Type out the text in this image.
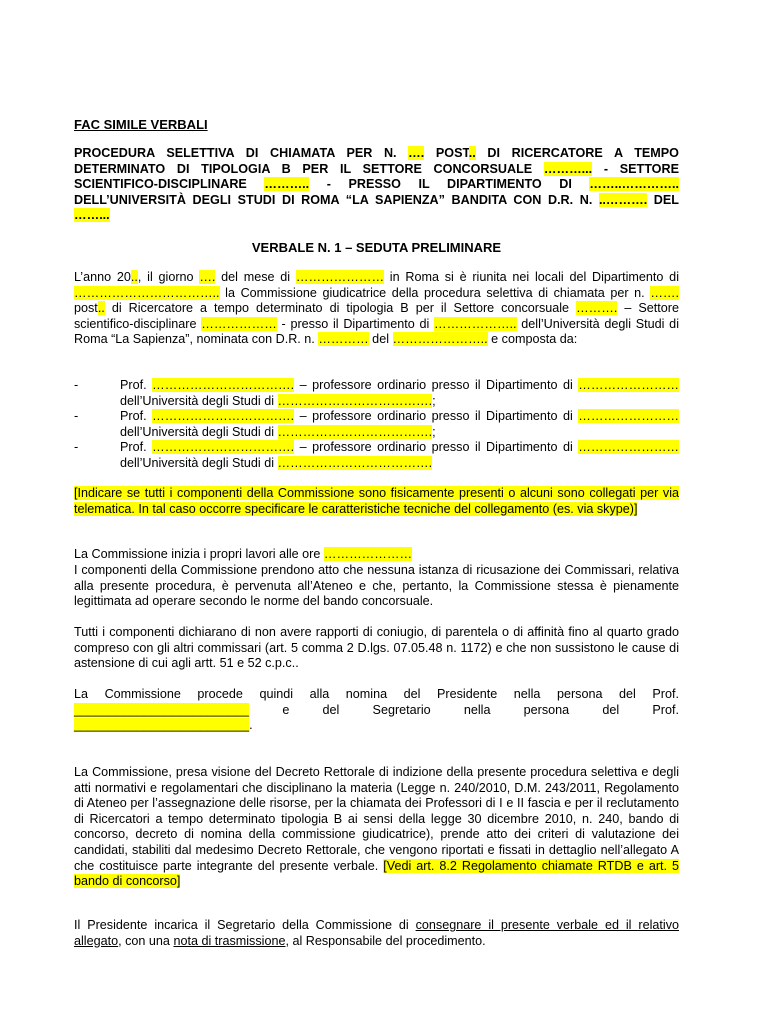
FAC SIMILE VERBALI
PROCEDURA SELETTIVA DI CHIAMATA PER N. …. POST.. DI RICERCATORE A TEMPO DETERMINATO DI TIPOLOGIA B PER IL SETTORE CONCORSUALE ………... - SETTORE SCIENTIFICO-DISCIPLINARE ……….. - PRESSO IL DIPARTIMENTO DI ……..………….. DELL’UNIVERSITÀ DEGLI STUDI DI ROMA “LA SAPIENZA” BANDITA CON D.R. N. ..………. DEL ……...
VERBALE N. 1 – SEDUTA PRELIMINARE
L’anno 20.., il giorno …. del mese di ………………… in Roma si è riunita nei locali del Dipartimento di …………………………….. la Commissione giudicatrice della procedura selettiva di chiamata per n. ……. post.. di Ricercatore a tempo determinato di tipologia B per il Settore concorsuale ………. – Settore scientifico-disciplinare ……………… - presso il Dipartimento di ……………….. dell’Università degli Studi di Roma “La Sapienza”, nominata con D.R. n. ………… del ………………….. e composta da:
-	Prof. ……………………………. – professore ordinario presso il Dipartimento di …………………… dell’Università degli Studi di ……………………………….;
-	Prof. ……………………………. – professore ordinario presso il Dipartimento di …………………… dell’Università degli Studi di ……………………………….;
-	Prof. ……………………………. – professore ordinario presso il Dipartimento di …………………… dell’Università degli Studi di ……………………………….
[Indicare se tutti i componenti della Commissione sono fisicamente presenti o alcuni sono collegati per via telematica. In tal caso occorre specificare le caratteristiche tecniche del collegamento (es. via skype)]
La Commissione inizia i propri lavori alle ore …………………
I componenti della Commissione prendono atto che nessuna istanza di ricusazione dei Commissari, relativa alla presente procedura, è pervenuta all’Ateneo e che, pertanto, la Commissione stessa è pienamente legittimata ad operare secondo le norme del bando concorsuale.
Tutti i componenti dichiarano di non avere rapporti di coniugio, di parentela o di affinità fino al quarto grado compreso con gli altri commissari (art. 5 comma 2 D.lgs. 07.05.48 n. 1172) e che non sussistono le cause di astensione di cui agli artt. 51 e 52 c.p.c..
La Commissione procede quindi alla nomina del Presidente nella persona del Prof.
_________________________ e del Segretario nella persona del Prof.
_________________________.
La Commissione, presa visione del Decreto Rettorale di indizione della presente procedura selettiva e degli atti normativi e regolamentari che disciplinano la materia (Legge n. 240/2010, D.M. 243/2011, Regolamento di Ateneo per l’assegnazione delle risorse, per la chiamata dei Professori di I e II fascia e per il reclutamento di Ricercatori a tempo determinato tipologia B ai sensi della legge 30 dicembre 2010, n. 240, bando di concorso, decreto di nomina della commissione giudicatrice), prende atto dei criteri di valutazione dei candidati, stabiliti dal medesimo Decreto Rettorale, che vengono riportati e fissati in dettaglio nell’allegato A che costituisce parte integrante del presente verbale. [Vedi art. 8.2 Regolamento chiamate RTDB e art. 5 bando di concorso]
Il Presidente incarica il Segretario della Commissione di consegnare il presente verbale ed il relativo allegato, con una nota di trasmissione, al Responsabile del procedimento.
